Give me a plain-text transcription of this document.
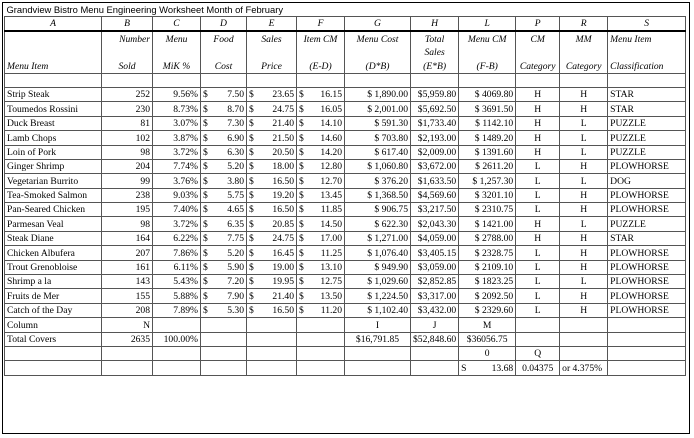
Grandview Bistro Menu Engineering Worksheet Month of February											
A	B	C	D	E	F	G	H	L	P	R	S
	Number	Menu	Food	Sales	Item CM	Menu Cost	Total	Menu CM	CM	MM	Menu Item
							Sales				
Menu Item	Sold	MiK %	Cost	Price	(E-D)	(D*B)	(E*B)	(F-B)	Category	Category	Classification

Strip Steak	252	9.56%	$ 7.50	$ 23.65	$ 16.15	$ 1,890.00	$5,959.80	$ 4069.80	H	H	STAR
Toumedos Rossini	230	8.73%	$ 8.70	$ 24.75	$ 16.05	$ 2,001.00	$5,692.50	$ 3691.50	H	H	STAR
Duck Breast	81	3.07%	$ 7.30	$ 21.40	$ 14.10	$ 591.30	$1,733.40	$ 1142.10	H	L	PUZZLE
Lamb Chops	102	3.87%	$ 6.90	$ 21.50	$ 14.60	$ 703.80	$2,193.00	$ 1489.20	H	L	PUZZLE
Loin of Pork	98	3.72%	$ 6.30	$ 20.50	$ 14.20	$ 617.40	$2,009.00	$ 1391.60	H	L	PUZZLE
Ginger Shrimp	204	7.74%	$ 5.20	$ 18.00	$ 12.80	$ 1,060.80	$3,672.00	$ 2611.20	L	H	PLOWHORSE
Vegetarian Burrito	99	3.76%	$ 3.80	$ 16.50	$ 12.70	$ 376.20	$1,633.50	$ 1,257.30	L	L	DOG
Tea-Smoked Salmon	238	9.03%	$ 5.75	$ 19.20	$ 13.45	$ 1,368.50	$4,569.60	$ 3201.10	L	H	PLOWHORSE
Pan-Seared Chicken	195	7.40%	$ 4.65	$ 16.50	$ 11.85	$ 906.75	$3,217.50	$ 2310.75	L	H	PLOWHORSE
Parmesan Veal	98	3.72%	$ 6.35	$ 20.85	$ 14.50	$ 622.30	$2,043.30	$ 1421.00	H	L	PUZZLE
Steak Diane	164	6.22%	$ 7.75	$ 24.75	$ 17.00	$ 1,271.00	$4,059.00	$ 2788.00	H	H	STAR
Chicken Albufera	207	7.86%	$ 5.20	$ 16.45	$ 11.25	$ 1,076.40	$3,405.15	$ 2328.75	L	H	PLOWHORSE
Trout Grenobloise	161	6.11%	$ 5.90	$ 19.00	$ 13.10	$ 949.90	$3,059.00	$ 2109.10	L	H	PLOWHORSE
Shrimp a la	143	5.43%	$ 7.20	$ 19.95	$ 12.75	$ 1,029.60	$2,852.85	$ 1823.25	L	L	PLOWHORSE
Fruits de Mer	155	5.88%	$ 7.90	$ 21.40	$ 13.50	$ 1,224.50	$3,317.00	$ 2092.50	L	H	PLOWHORSE
Catch of the Day	208	7.89%	$ 5.30	$ 16.50	$ 11.20	$ 1,102.40	$3,432.00	$ 2329.60	L	H	PLOWHORSE
Column	N					I	J	M			
Total Covers	2635	100.00%				$16,791.85	$52,848.60	$36056.75			
								0	Q		

								S 13.68	0.04375	or 4.375%	
